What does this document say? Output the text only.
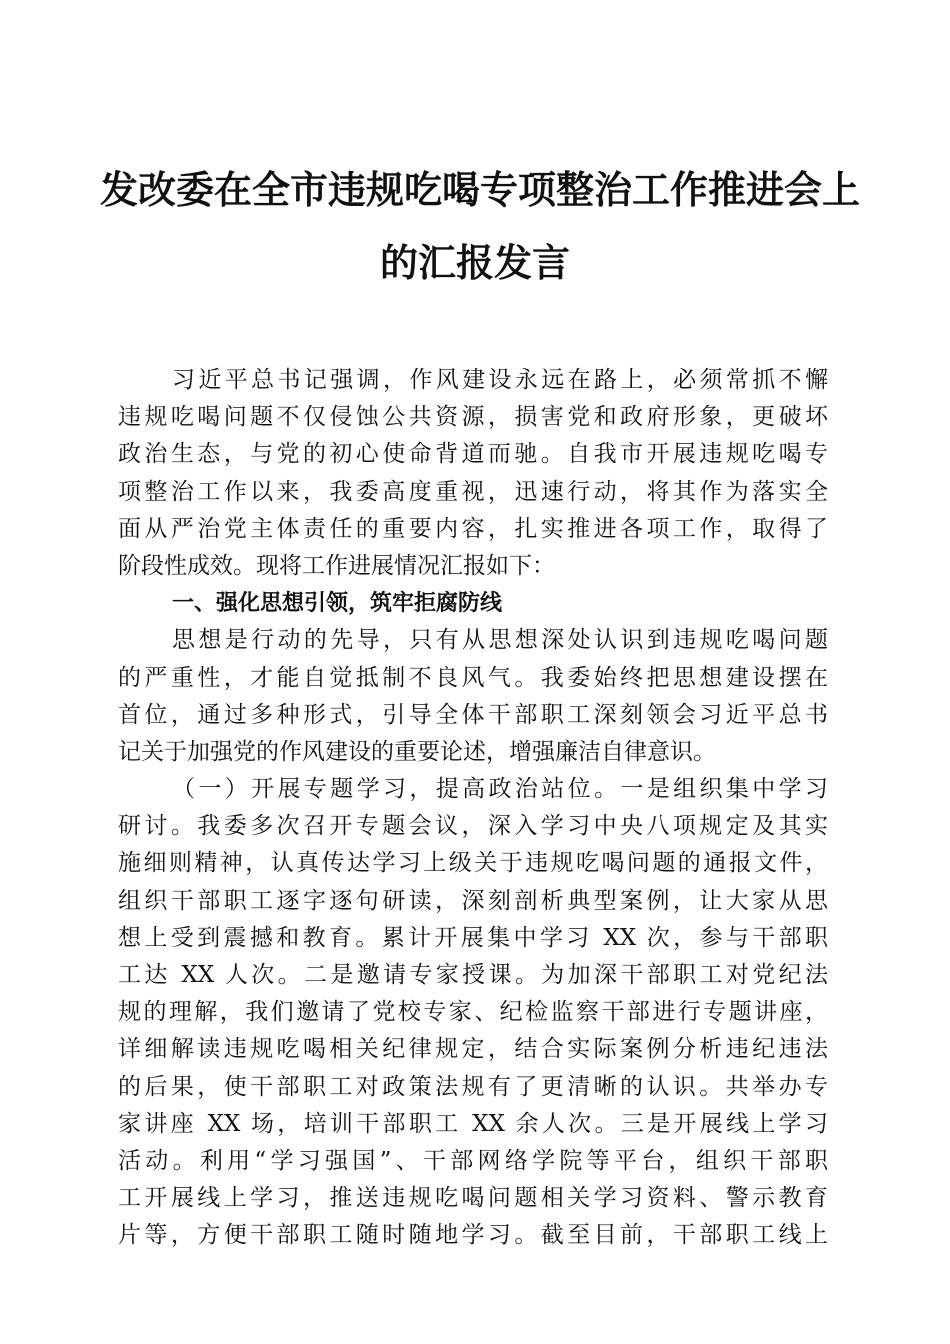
发改委在全市违规吃喝专项整治工作推进会上
的汇报发言
习近平总书记强调，作风建设永远在路上，必须常抓不懈
违规吃喝问题不仅侵蚀公共资源，损害党和政府形象，更破坏
政治生态，与党的初心使命背道而驰。自我市开展违规吃喝专
项整治工作以来，我委高度重视，迅速行动，将其作为落实全
面从严治党主体责任的重要内容，扎实推进各项工作，取得了
阶段性成效。现将工作进展情况汇报如下：
一、强化思想引领，筑牢拒腐防线
思想是行动的先导，只有从思想深处认识到违规吃喝问题
的严重性，才能自觉抵制不良风气。我委始终把思想建设摆在
首位，通过多种形式，引导全体干部职工深刻领会习近平总书
记关于加强党的作风建设的重要论述，增强廉洁自律意识。
（一）开展专题学习，提高政治站位。一是组织集中学习
研讨。我委多次召开专题会议，深入学习中央八项规定及其实
施细则精神，认真传达学习上级关于违规吃喝问题的通报文件，
组织干部职工逐字逐句研读，深刻剖析典型案例，让大家从思
想上受到震撼和教育。累计开展集中学习 XX 次，参与干部职
工达 XX 人次。二是邀请专家授课。为加深干部职工对党纪法
规的理解，我们邀请了党校专家、纪检监察干部进行专题讲座，
详细解读违规吃喝相关纪律规定，结合实际案例分析违纪违法
的后果，使干部职工对政策法规有了更清晰的认识。共举办专
家讲座 XX 场，培训干部职工 XX 余人次。三是开展线上学习
活动。利用“学习强国”、干部网络学院等平台，组织干部职
工开展线上学习，推送违规吃喝问题相关学习资料、警示教育
片等，方便干部职工随时随地学习。截至目前，干部职工线上
